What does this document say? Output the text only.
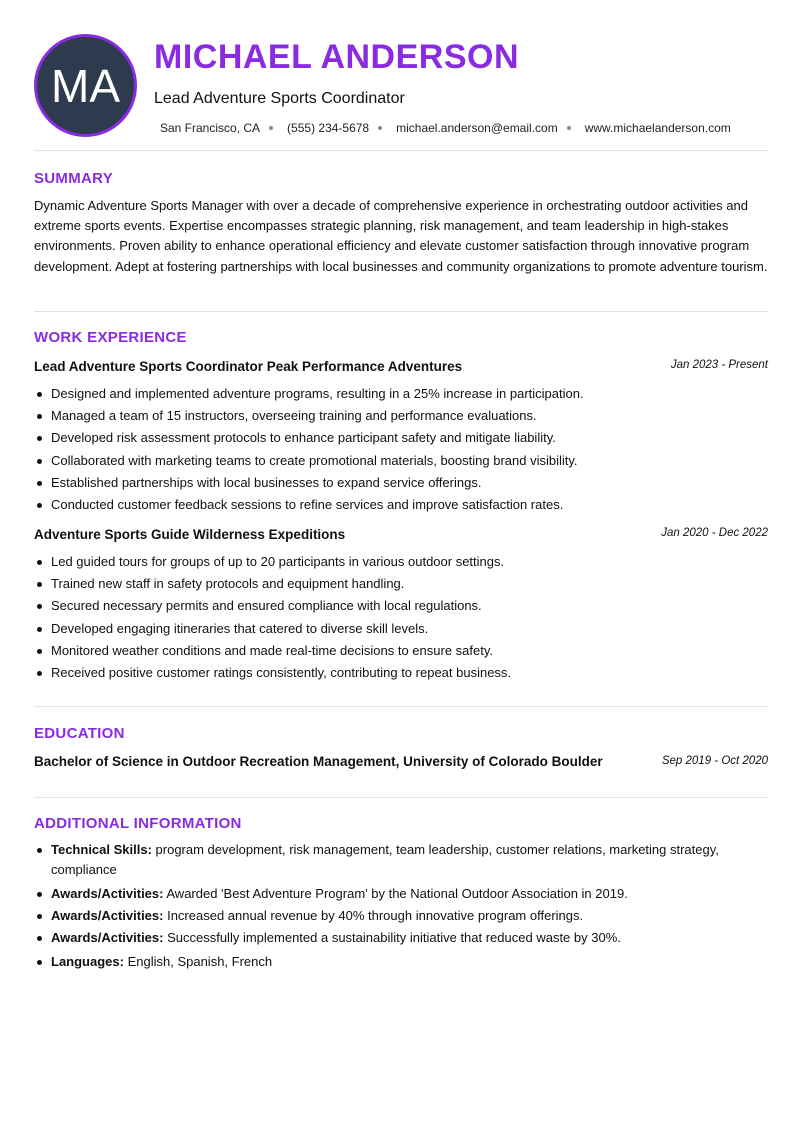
MA
MICHAEL ANDERSON
Lead Adventure Sports Coordinator
San Francisco, CA (555) 234-5678 michael.anderson@email.com www.michaelanderson.com
SUMMARY
Dynamic Adventure Sports Manager with over a decade of comprehensive experience in orchestrating outdoor activities and extreme sports events. Expertise encompasses strategic planning, risk management, and team leadership in high-stakes environments. Proven ability to enhance operational efficiency and elevate customer satisfaction through innovative program development. Adept at fostering partnerships with local businesses and community organizations to promote adventure tourism.
WORK EXPERIENCE
Lead Adventure Sports Coordinator Peak Performance Adventures	Jan 2023 - Present
Designed and implemented adventure programs, resulting in a 25% increase in participation.
Managed a team of 15 instructors, overseeing training and performance evaluations.
Developed risk assessment protocols to enhance participant safety and mitigate liability.
Collaborated with marketing teams to create promotional materials, boosting brand visibility.
Established partnerships with local businesses to expand service offerings.
Conducted customer feedback sessions to refine services and improve satisfaction rates.
Adventure Sports Guide Wilderness Expeditions	Jan 2020 - Dec 2022
Led guided tours for groups of up to 20 participants in various outdoor settings.
Trained new staff in safety protocols and equipment handling.
Secured necessary permits and ensured compliance with local regulations.
Developed engaging itineraries that catered to diverse skill levels.
Monitored weather conditions and made real-time decisions to ensure safety.
Received positive customer ratings consistently, contributing to repeat business.
EDUCATION
Bachelor of Science in Outdoor Recreation Management, University of Colorado Boulder	Sep 2019 - Oct 2020
ADDITIONAL INFORMATION
Technical Skills: program development, risk management, team leadership, customer relations, marketing strategy, compliance
Awards/Activities: Awarded 'Best Adventure Program' by the National Outdoor Association in 2019.
Awards/Activities: Increased annual revenue by 40% through innovative program offerings.
Awards/Activities: Successfully implemented a sustainability initiative that reduced waste by 30%.
Languages: English, Spanish, French
